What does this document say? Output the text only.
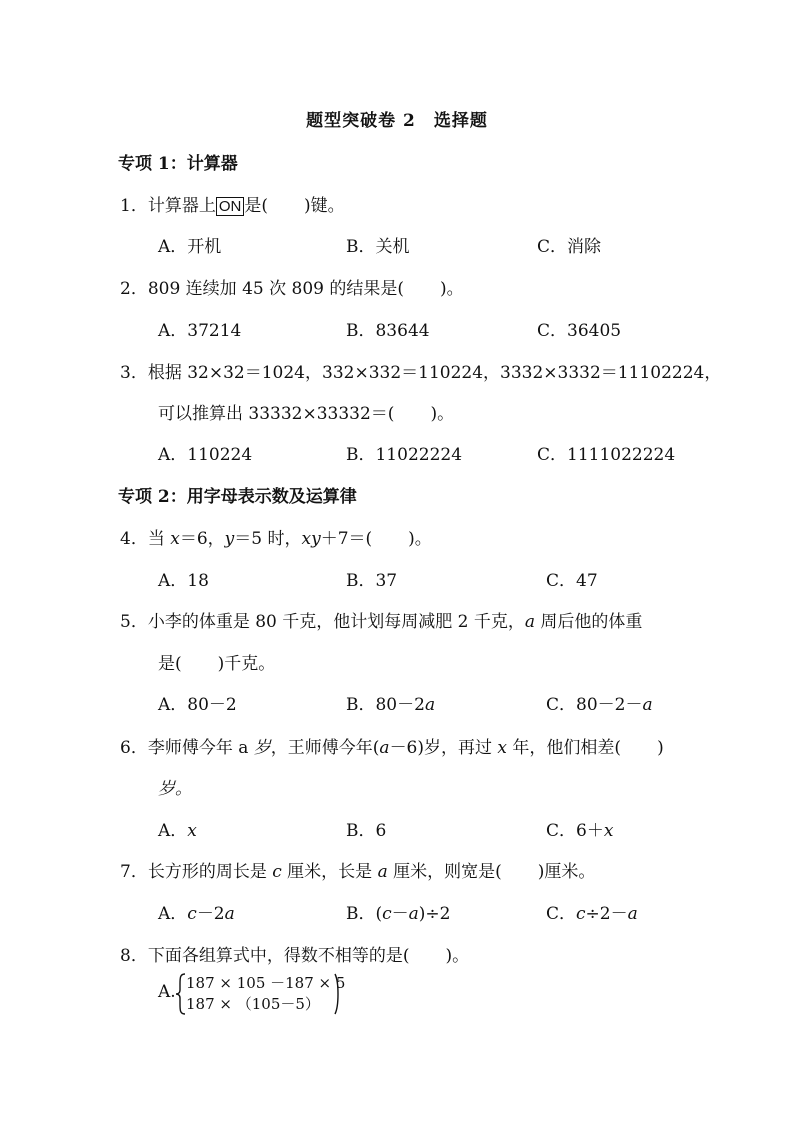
题型突破卷 2　选择题
专项 1：计算器
1．计算器上 ON 是( )键。
A．开机	B．关机	C．消除
2．809 连续加 45 次 809 的结果是( )。
A．37214	B．83644	C．36405
3．根据 32×32＝1024，332×332＝110224，3332×3332＝11102224，
可以推算出 33332×33332＝( )。
A．110224	B．11022224	C．1111022224
专项 2：用字母表示数及运算律
4．当 x＝6，y＝5 时，xy＋7＝( )。
A．18	B．37	C．47
5．小李的体重是 80 千克，他计划每周减肥 2 千克，a 周后他的体重
是( )千克。
A．80－2	B．80－2a	C．80－2－a
6．李师傅今年 a 岁，王师傅今年(a－6)岁，再过 x 年，他们相差( )
岁。
A．x	B．6	C．6＋x
7．长方形的周长是 c 厘米，长是 a 厘米，则宽是( )厘米。
A．c－2a	B．(c－a)÷2	C．c÷2－a
8．下面各组算式中，得数不相等的是( )。
A. 187 × 105 －187 × 5
187 × （105－5）
